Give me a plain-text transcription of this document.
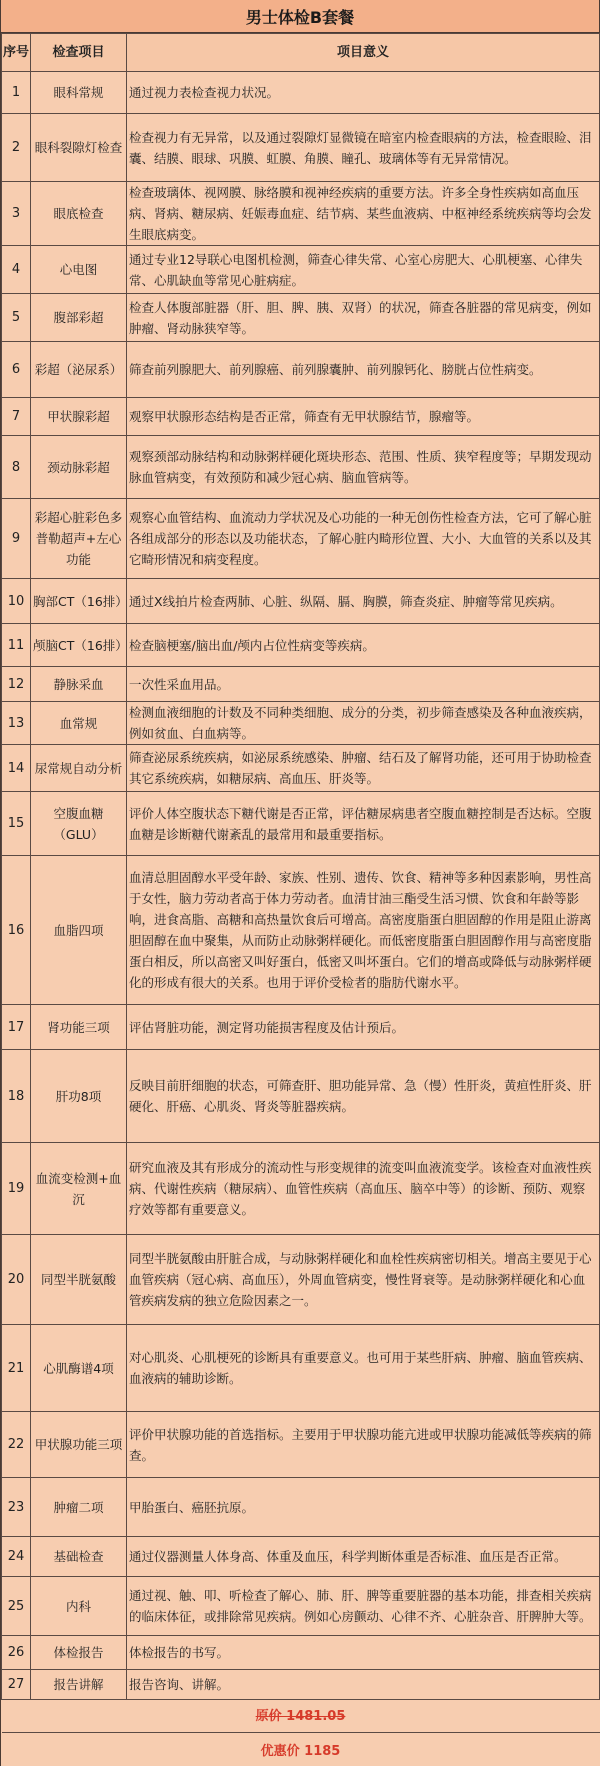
男士体检B套餐
序号	检查项目	项目意义
1	眼科常规	通过视力表检查视力状况。
2	眼科裂隙灯检查	检查视力有无异常，以及通过裂隙灯显微镜在暗室内检查眼病的方法，检查眼睑、泪囊、结膜、眼球、巩膜、虹膜、角膜、瞳孔、玻璃体等有无异常情况。
3	眼底检查	检查玻璃体、视网膜、脉络膜和视神经疾病的重要方法。许多全身性疾病如高血压病、肾病、糖尿病、妊娠毒血症、结节病、某些血液病、中枢神经系统疾病等均会发生眼底病变。
4	心电图	通过专业12导联心电图机检测，筛查心律失常、心室心房肥大、心肌梗塞、心律失常、心肌缺血等常见心脏病症。
5	腹部彩超	检查人体腹部脏器（肝、胆、脾、胰、双肾）的状况，筛查各脏器的常见病变，例如肿瘤、肾动脉狭窄等。
6	彩超（泌尿系）	筛查前列腺肥大、前列腺癌、前列腺囊肿、前列腺钙化、膀胱占位性病变。
7	甲状腺彩超	观察甲状腺形态结构是否正常，筛查有无甲状腺结节，腺瘤等。
8	颈动脉彩超	观察颈部动脉结构和动脉粥样硬化斑块形态、范围、性质、狭窄程度等；早期发现动脉血管病变，有效预防和减少冠心病、脑血管病等。
9	彩超心脏彩色多普勒超声+左心功能	观察心血管结构、血流动力学状况及心功能的一种无创伤性检查方法，它可了解心脏各组成部分的形态以及功能状态，了解心脏内畸形位置、大小、大血管的关系以及其它畸形情况和病变程度。
10	胸部CT（16排）	通过X线拍片检查两肺、心脏、纵隔、膈、胸膜，筛查炎症、肿瘤等常见疾病。
11	颅脑CT（16排）	检查脑梗塞/脑出血/颅内占位性病变等疾病。
12	静脉采血	一次性采血用品。
13	血常规	检测血液细胞的计数及不同种类细胞、成分的分类，初步筛查感染及各种血液疾病，例如贫血、白血病等。
14	尿常规自动分析	筛查泌尿系统疾病，如泌尿系统感染、肿瘤、结石及了解肾功能，还可用于协助检查其它系统疾病，如糖尿病、高血压、肝炎等。
15	空腹血糖（GLU）	评价人体空腹状态下糖代谢是否正常，评估糖尿病患者空腹血糖控制是否达标。空腹血糖是诊断糖代谢紊乱的最常用和最重要指标。
16	血脂四项	血清总胆固醇水平受年龄、家族、性别、遗传、饮食、精神等多种因素影响，男性高于女性，脑力劳动者高于体力劳动者。血清甘油三酯受生活习惯、饮食和年龄等影响，进食高脂、高糖和高热量饮食后可增高。高密度脂蛋白胆固醇的作用是阻止游离胆固醇在血中聚集，从而防止动脉粥样硬化。而低密度脂蛋白胆固醇作用与高密度脂蛋白相反，所以高密又叫好蛋白，低密又叫坏蛋白。它们的增高或降低与动脉粥样硬化的形成有很大的关系。也用于评价受检者的脂肪代谢水平。
17	肾功能三项	评估肾脏功能，测定肾功能损害程度及估计预后。
18	肝功8项	反映目前肝细胞的状态，可筛查肝、胆功能异常、急（慢）性肝炎，黄疸性肝炎、肝硬化、肝癌、心肌炎、肾炎等脏器疾病。
19	血流变检测+血沉	研究血液及其有形成分的流动性与形变规律的流变叫血液流变学。该检查对血液性疾病、代谢性疾病（糖尿病）、血管性疾病（高血压、脑卒中等）的诊断、预防、观察疗效等都有重要意义。
20	同型半胱氨酸	同型半胱氨酸由肝脏合成，与动脉粥样硬化和血栓性疾病密切相关。增高主要见于心血管疾病（冠心病、高血压），外周血管病变，慢性肾衰等。是动脉粥样硬化和心血管疾病发病的独立危险因素之一。
21	心肌酶谱4项	对心肌炎、心肌梗死的诊断具有重要意义。也可用于某些肝病、肿瘤、脑血管疾病、血液病的辅助诊断。
22	甲状腺功能三项	评价甲状腺功能的首选指标。主要用于甲状腺功能亢进或甲状腺功能减低等疾病的筛查。
23	肿瘤二项	甲胎蛋白、癌胚抗原。
24	基础检查	通过仪器测量人体身高、体重及血压，科学判断体重是否标准、血压是否正常。
25	内科	通过视、触、叩、听检查了解心、肺、肝、脾等重要脏器的基本功能，排查相关疾病的临床体征，或排除常见疾病。例如心房颤动、心律不齐、心脏杂音、肝脾肿大等。
26	体检报告	体检报告的书写。
27	报告讲解	报告咨询、讲解。
原价 1481.05		
优惠价 1185		
